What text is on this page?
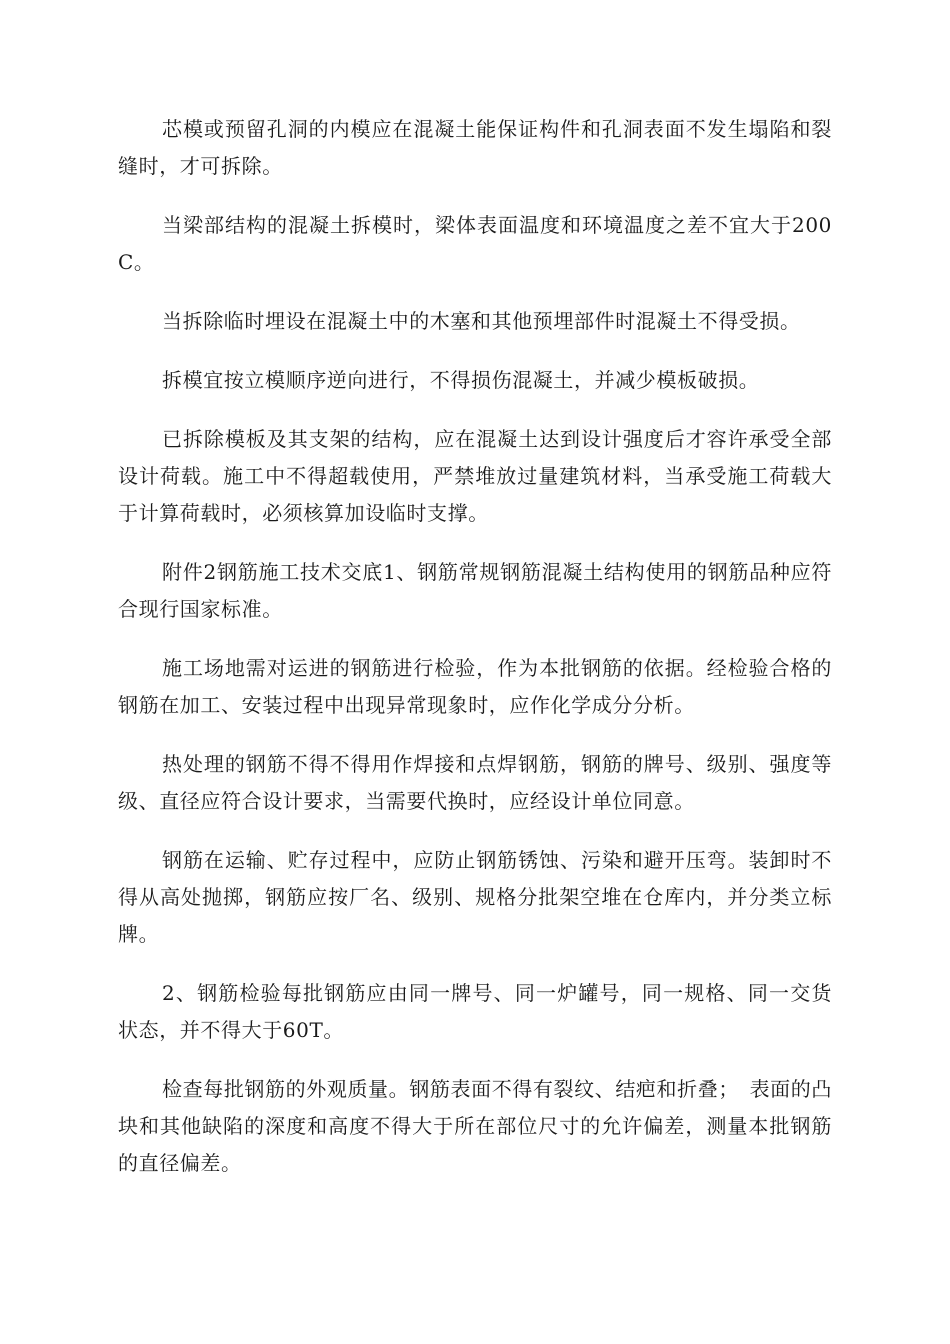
芯模或预留孔洞的内模应在混凝土能保证构件和孔洞表面不发生塌陷和裂缝时，才可拆除。

当梁部结构的混凝土拆模时，梁体表面温度和环境温度之差不宜大于200C。

当拆除临时埋设在混凝土中的木塞和其他预埋部件时混凝土不得受损。

拆模宜按立模顺序逆向进行，不得损伤混凝土，并减少模板破损。

已拆除模板及其支架的结构，应在混凝土达到设计强度后才容许承受全部设计荷载。施工中不得超载使用，严禁堆放过量建筑材料，当承受施工荷载大于计算荷载时，必须核算加设临时支撑。

附件2钢筋施工技术交底1、钢筋常规钢筋混凝土结构使用的钢筋品种应符合现行国家标准。

施工场地需对运进的钢筋进行检验，作为本批钢筋的依据。经检验合格的钢筋在加工、安装过程中出现异常现象时，应作化学成分分析。

热处理的钢筋不得不得用作焊接和点焊钢筋，钢筋的牌号、级别、强度等级、直径应符合设计要求，当需要代换时，应经设计单位同意。

钢筋在运输、贮存过程中，应防止钢筋锈蚀、污染和避开压弯。装卸时不得从高处抛掷，钢筋应按厂名、级别、规格分批架空堆在仓库内，并分类立标牌。

2、钢筋检验每批钢筋应由同一牌号、同一炉罐号，同一规格、同一交货状态，并不得大于60T。

检查每批钢筋的外观质量。钢筋表面不得有裂纹、结疤和折叠；　表面的凸块和其他缺陷的深度和高度不得大于所在部位尺寸的允许偏差，测量本批钢筋的直径偏差。
